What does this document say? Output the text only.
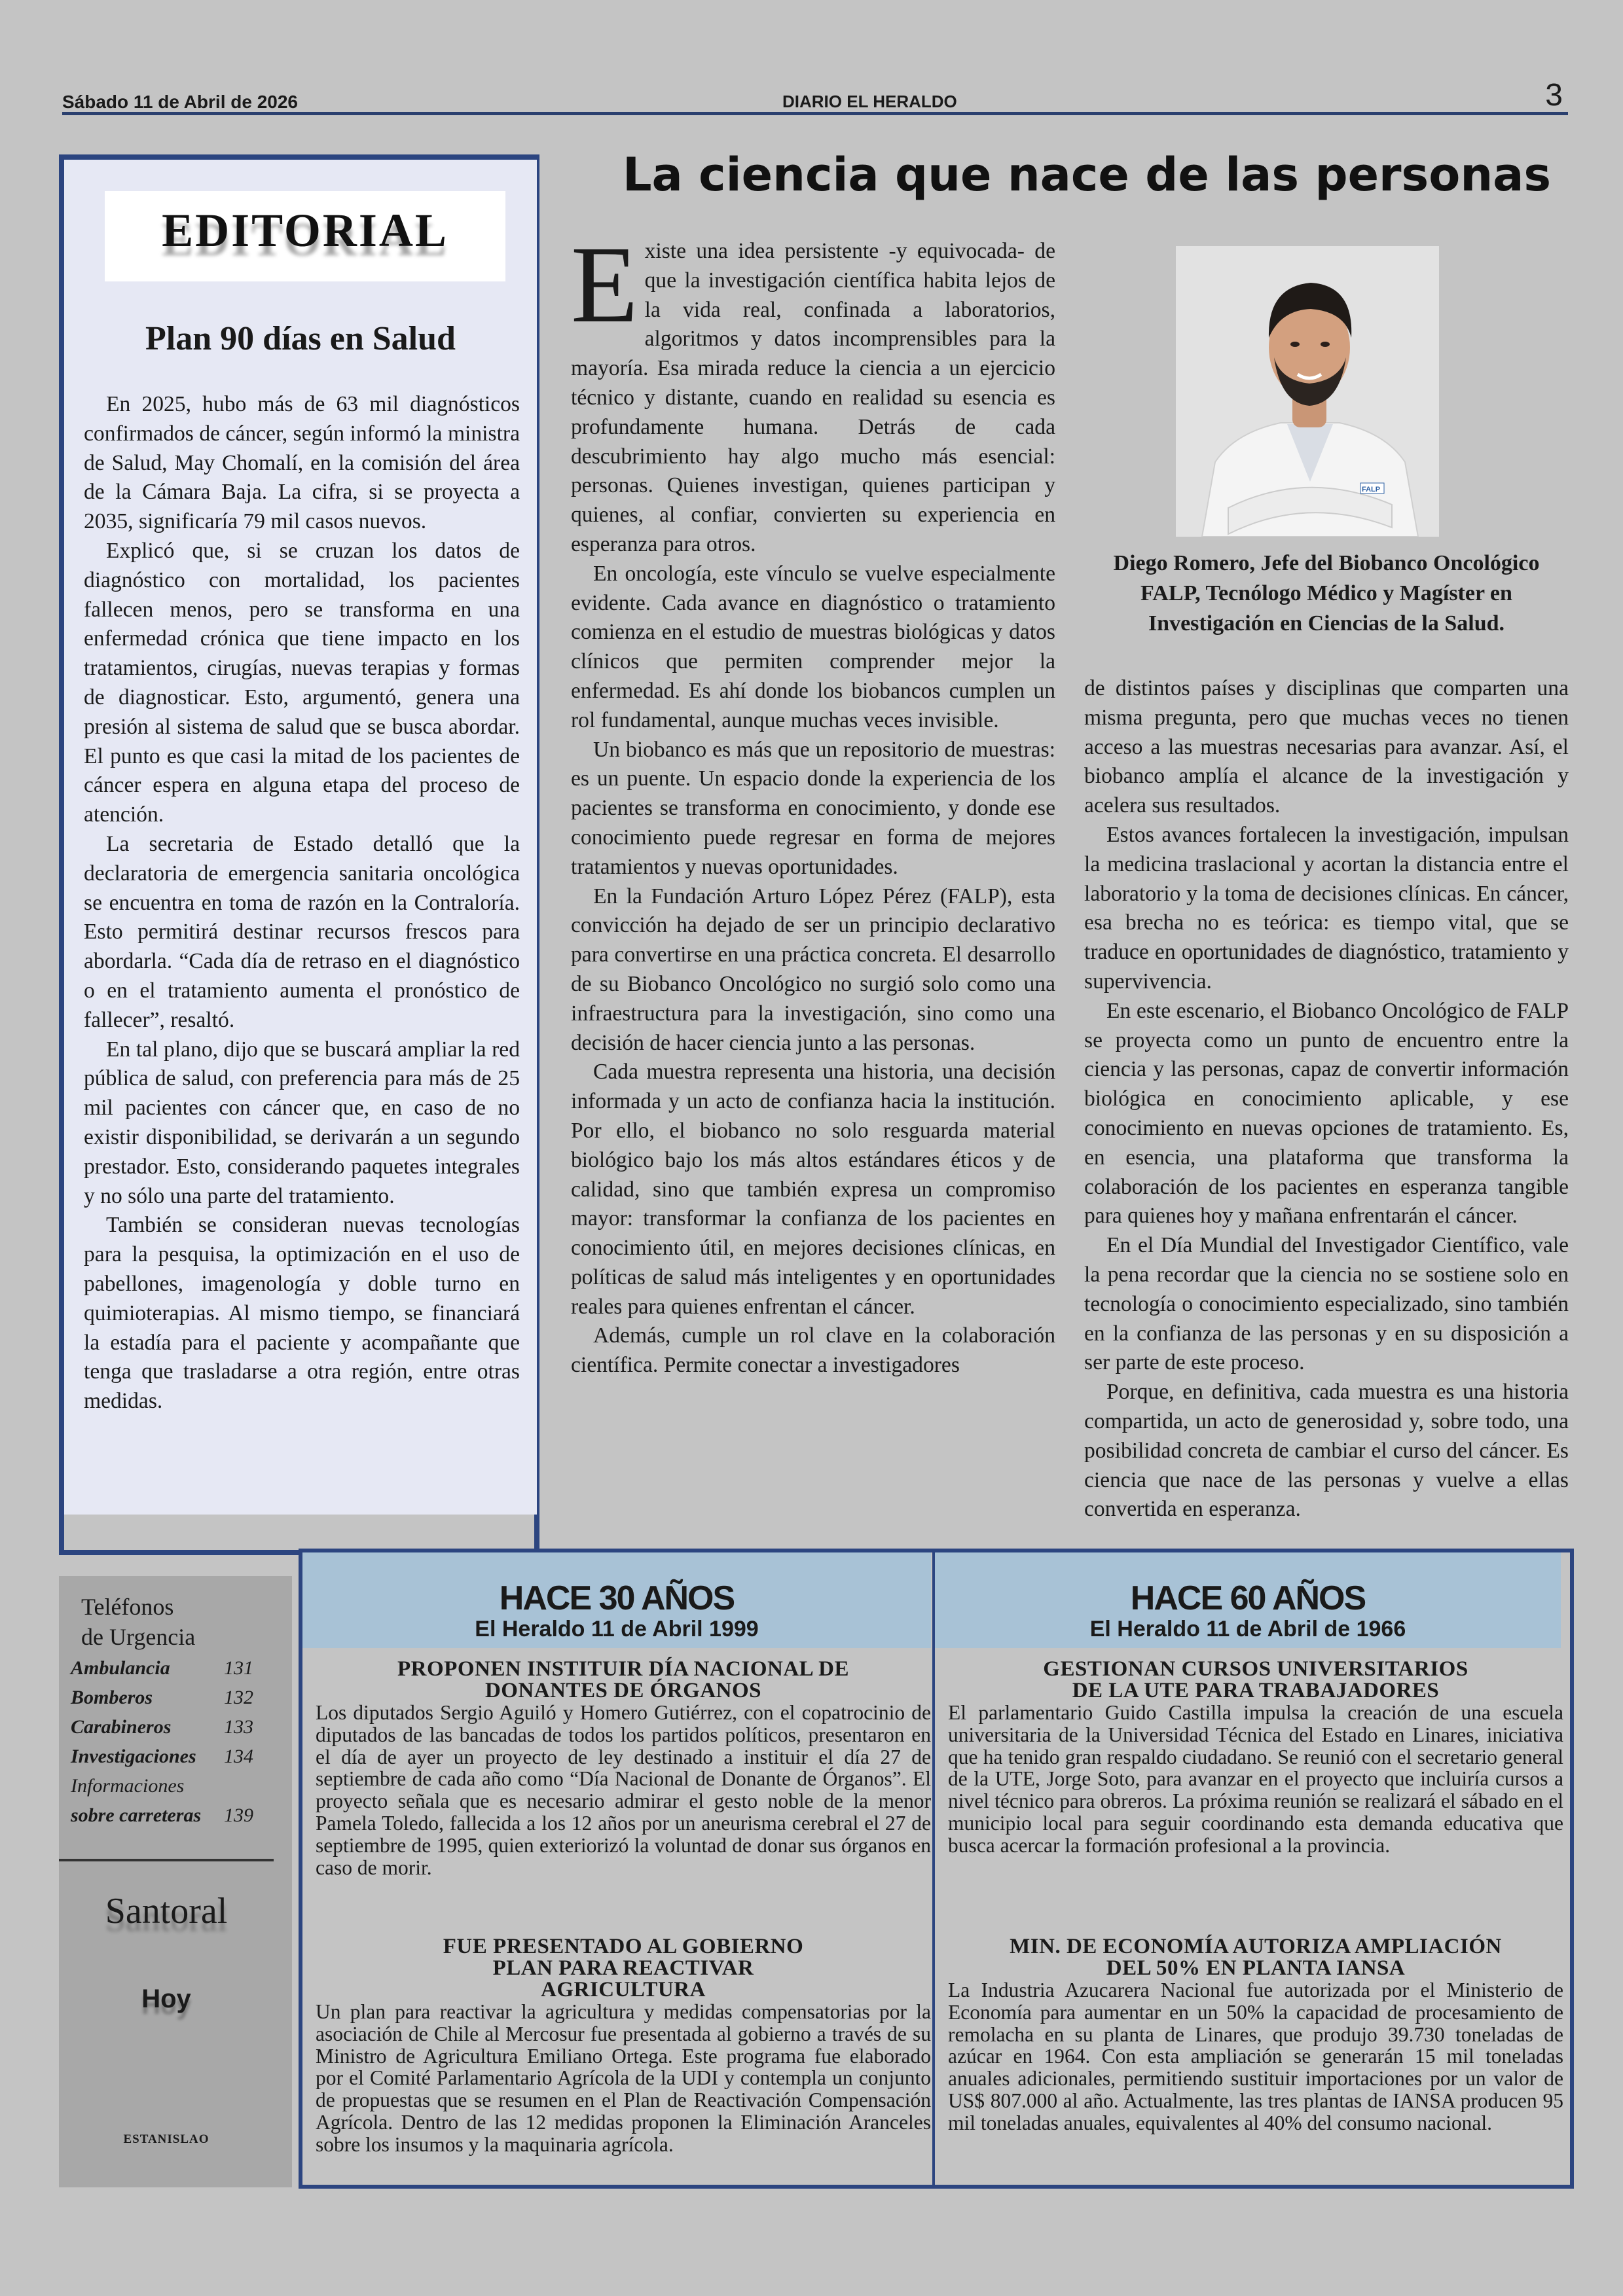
Sábado 11 de Abril de 2026	DIARIO EL HERALDO	3
EDITORIAL
Plan 90 días en Salud

En 2025, hubo más de 63 mil diagnósticos confirmados de cáncer, según informó la ministra de Salud, May Chomalí, en la comisión del área de la Cámara Baja. La cifra, si se proyecta a 2035, significaría 79 mil casos nuevos.

Explicó que, si se cruzan los datos de diagnóstico con mortalidad, los pacientes fallecen menos, pero se transforma en una enfermedad crónica que tiene impacto en los tratamientos, cirugías, nuevas terapias y formas de diagnosticar. Esto, argumentó, genera una presión al sistema de salud que se busca abordar. El punto es que casi la mitad de los pacientes de cáncer espera en alguna etapa del proceso de atención.

La secretaria de Estado detalló que la declaratoria de emergencia sanitaria oncológica se encuentra en toma de razón en la Contraloría. Esto permitirá destinar recursos frescos para abordarla. “Cada día de retraso en el diagnóstico o en el tratamiento aumenta el pronóstico de fallecer”, resaltó.

En tal plano, dijo que se buscará ampliar la red pública de salud, con preferencia para más de 25 mil pacientes con cáncer que, en caso de no existir disponibilidad, se derivarán a un segundo prestador. Esto, considerando paquetes integrales y no sólo una parte del tratamiento.

También se consideran nuevas tecnologías para la pesquisa, la optimización en el uso de pabellones, imagenología y doble turno en quimioterapias. Al mismo tiempo, se financiará la estadía para el paciente y acompañante que tenga que trasladarse a otra región, entre otras medidas.

La ciencia que nace de las personas

Existe una idea persistente -y equivocada- de que la investigación científica habita lejos de la vida real, confinada a laboratorios, algoritmos y datos incomprensibles para la mayoría. Esa mirada reduce la ciencia a un ejercicio técnico y distante, cuando en realidad su esencia es profundamente humana. Detrás de cada descubrimiento hay algo mucho más esencial: personas. Quienes investigan, quienes participan y quienes, al confiar, convierten su experiencia en esperanza para otros.

En oncología, este vínculo se vuelve especialmente evidente. Cada avance en diagnóstico o tratamiento comienza en el estudio de muestras biológicas y datos clínicos que permiten comprender mejor la enfermedad. Es ahí donde los biobancos cumplen un rol fundamental, aunque muchas veces invisible.

Un biobanco es más que un repositorio de muestras: es un puente. Un espacio donde la experiencia de los pacientes se transforma en conocimiento, y donde ese conocimiento puede regresar en forma de mejores tratamientos y nuevas oportunidades.

En la Fundación Arturo López Pérez (FALP), esta convicción ha dejado de ser un principio declarativo para convertirse en una práctica concreta. El desarrollo de su Biobanco Oncológico no surgió solo como una infraestructura para la investigación, sino como una decisión de hacer ciencia junto a las personas.

Cada muestra representa una historia, una decisión informada y un acto de confianza hacia la institución. Por ello, el biobanco no solo resguarda material biológico bajo los más altos estándares éticos y de calidad, sino que también expresa un compromiso mayor: transformar la confianza de los pacientes en conocimiento útil, en mejores decisiones clínicas, en políticas de salud más inteligentes y en oportunidades reales para quienes enfrentan el cáncer.

Además, cumple un rol clave en la colaboración científica. Permite conectar a investigadores

FALP
Diego Romero, Jefe del Biobanco Oncológico FALP, Tecnólogo Médico y Magíster en Investigación en Ciencias de la Salud.

de distintos países y disciplinas que comparten una misma pregunta, pero que muchas veces no tienen acceso a las muestras necesarias para avanzar. Así, el biobanco amplía el alcance de la investigación y acelera sus resultados.

Estos avances fortalecen la investigación, impulsan la medicina traslacional y acortan la distancia entre el laboratorio y la toma de decisiones clínicas. En cáncer, esa brecha no es teórica: es tiempo vital, que se traduce en oportunidades de diagnóstico, tratamiento y supervivencia.

En este escenario, el Biobanco Oncológico de FALP se proyecta como un punto de encuentro entre la ciencia y las personas, capaz de convertir información biológica en conocimiento aplicable, y ese conocimiento en nuevas opciones de tratamiento. Es, en esencia, una plataforma que transforma la colaboración de los pacientes en esperanza tangible para quienes hoy y mañana enfrentarán el cáncer.

En el Día Mundial del Investigador Científico, vale la pena recordar que la ciencia no se sostiene solo en tecnología o conocimiento especializado, sino también en la confianza de las personas y en su disposición a ser parte de este proceso.

Porque, en definitiva, cada muestra es una historia compartida, un acto de generosidad y, sobre todo, una posibilidad concreta de cambiar el curso del cáncer. Es ciencia que nace de las personas y vuelve a ellas convertida en esperanza.

Teléfonos
de Urgencia
Ambulancia	131
Bomberos	132
Carabineros	133
Investigaciones 134
Informaciones
sobre carreteras 139
Santoral
Hoy
ESTANISLAO
HACE 30 AÑOS
El Heraldo 11 de Abril 1999
PROPONEN INSTITUIR DÍA NACIONAL DE DONANTES DE ÓRGANOS

Los diputados Sergio Aguiló y Homero Gutiérrez, con el copatrocinio de diputados de las bancadas de todos los partidos políticos, presentaron en el día de ayer un proyecto de ley destinado a instituir el día 27 de septiembre de cada año como “Día Nacional de Donante de Órganos”. El proyecto señala que es necesario admirar el gesto noble de la menor Pamela Toledo, fallecida a los 12 años por un aneurisma cerebral el 27 de septiembre de 1995, quien exteriorizó la voluntad de donar sus órganos en caso de morir.

FUE PRESENTADO AL GOBIERNO PLAN PARA REACTIVAR AGRICULTURA

Un plan para reactivar la agricultura y medidas compensatorias por la asociación de Chile al Mercosur fue presentada al gobierno a través de su Ministro de Agricultura Emiliano Ortega. Este programa fue elaborado por el Comité Parlamentario Agrícola de la UDI y contempla un conjunto de propuestas que se resumen en el Plan de Reactivación Compensación Agrícola. Dentro de las 12 medidas proponen la Eliminación Aranceles sobre los insumos y la maquinaria agrícola.

HACE 60 AÑOS
El Heraldo 11 de Abril de 1966
GESTIONAN CURSOS UNIVERSITARIOS DE LA UTE PARA TRABAJADORES

El parlamentario Guido Castilla impulsa la creación de una escuela universitaria de la Universidad Técnica del Estado en Linares, iniciativa que ha tenido gran respaldo ciudadano. Se reunió con el secretario general de la UTE, Jorge Soto, para avanzar en el proyecto que incluiría cursos a nivel técnico para obreros. La próxima reunión se realizará el sábado en el municipio local para seguir coordinando esta demanda educativa que busca acercar la formación profesional a la provincia.

MIN. DE ECONOMÍA AUTORIZA AMPLIACIÓN DEL 50% EN PLANTA IANSA

La Industria Azucarera Nacional fue autorizada por el Ministerio de Economía para aumentar en un 50% la capacidad de procesamiento de remolacha en su planta de Linares, que produjo 39.730 toneladas de azúcar en 1964. Con esta ampliación se generarán 15 mil toneladas anuales adicionales, permitiendo sustituir importaciones por un valor de US$ 807.000 al año. Actualmente, las tres plantas de IANSA producen 95 mil toneladas anuales, equivalentes al 40% del consumo nacional.
